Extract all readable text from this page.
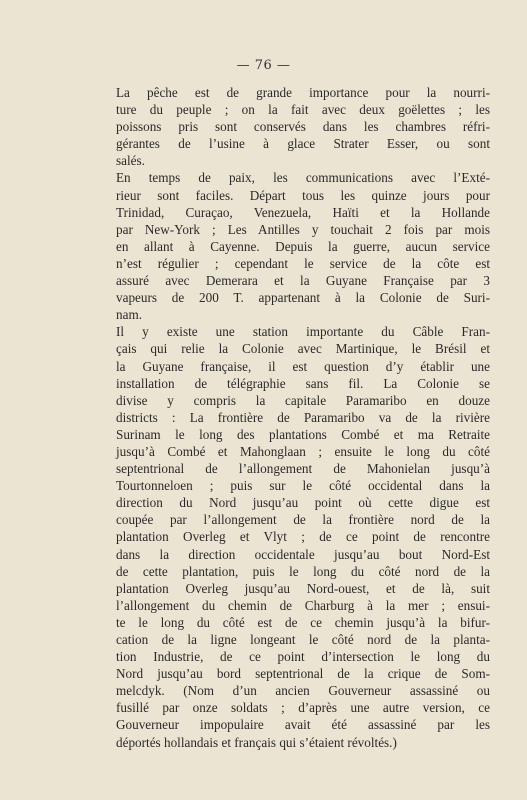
— 76 —
La pêche est de grande importance pour la nourri-
ture du peuple ; on la fait avec deux goëlettes ; les
poissons pris sont conservés dans les chambres réfri-
gérantes de l’usine à glace Strater Esser, ou sont
salés.
En temps de paix, les communications avec l’Exté-
rieur sont faciles. Départ tous les quinze jours pour
Trinidad, Curaçao, Venezuela, Haïti et la Hollande
par New-York ; Les Antilles y touchait 2 fois par mois
en allant à Cayenne. Depuis la guerre, aucun service
n’est régulier ; cependant le service de la côte est
assuré avec Demerara et la Guyane Française par 3
vapeurs de 200 T. appartenant à la Colonie de Suri-
nam.
Il y existe une station importante du Câble Fran-
çais qui relie la Colonie avec Martinique, le Brésil et
la Guyane française, il est question d’y établir une
installation de télégraphie sans fil. La Colonie se
divise y compris la capitale Paramaribo en douze
districts : La frontière de Paramaribo va de la rivière
Surinam le long des plantations Combé et ma Retraite
jusqu’à Combé et Mahonglaan ; ensuite le long du côté
septentrional de l’allongement de Mahonielan jusqu’à
Tourtonneloen ; puis sur le côté occidental dans la
direction du Nord jusqu’au point où cette digue est
coupée par l’allongement de la frontière nord de la
plantation Overleg et Vlyt ; de ce point de rencontre
dans la direction occidentale jusqu’au bout Nord-Est
de cette plantation, puis le long du côté nord de la
plantation Overleg jusqu’au Nord-ouest, et de là, suit
l’allongement du chemin de Charburg à la mer ; ensui-
te le long du côté est de ce chemin jusqu’à la bifur-
cation de la ligne longeant le côté nord de la planta-
tion Industrie, de ce point d’intersection le long du
Nord jusqu’au bord septentrional de la crique de Som-
melcdyk. (Nom d’un ancien Gouverneur assassiné ou
fusillé par onze soldats ; d’après une autre version, ce
Gouverneur impopulaire avait été assassiné par les
déportés hollandais et français qui s’étaient révoltés.)
